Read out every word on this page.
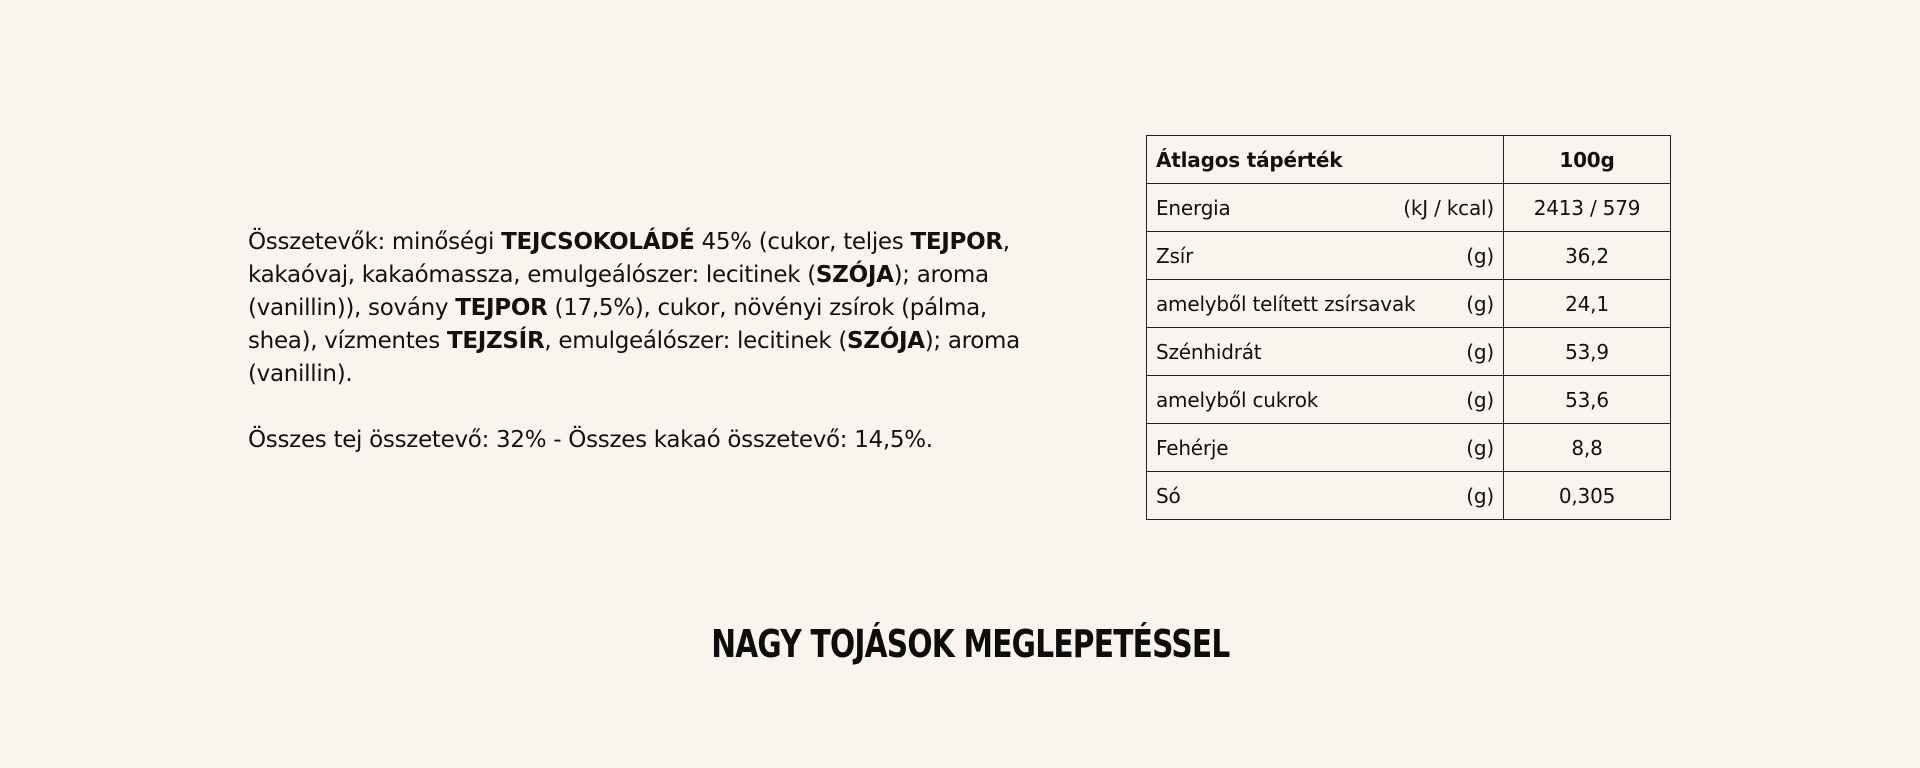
Összetevők: minőségi TEJCSOKOLÁDÉ 45% (cukor, teljes TEJPOR, kakaóvaj, kakaómassza, emulgeálószer: lecitinek (SZÓJA); aroma (vanillin)), sovány TEJPOR (17,5%), cukor, növényi zsírok (pálma, shea), vízmentes TEJZSÍR, emulgeálószer: lecitinek (SZÓJA); aroma (vanillin).

Összes tej összetevő: 32% - Összes kakaó összetevő: 14,5%.

Átlagos tápérték	100g

Energia (kJ / kcal)	2413 / 579

Zsír (g)	36,2

amelyből telített zsírsavak (g)	24,1

Szénhidrát (g)	53,9

amelyből cukrok (g)	53,6

Fehérje (g)	8,8

Só (g)	0,305
NAGY TOJÁSOK MEGLEPETÉSSEL
